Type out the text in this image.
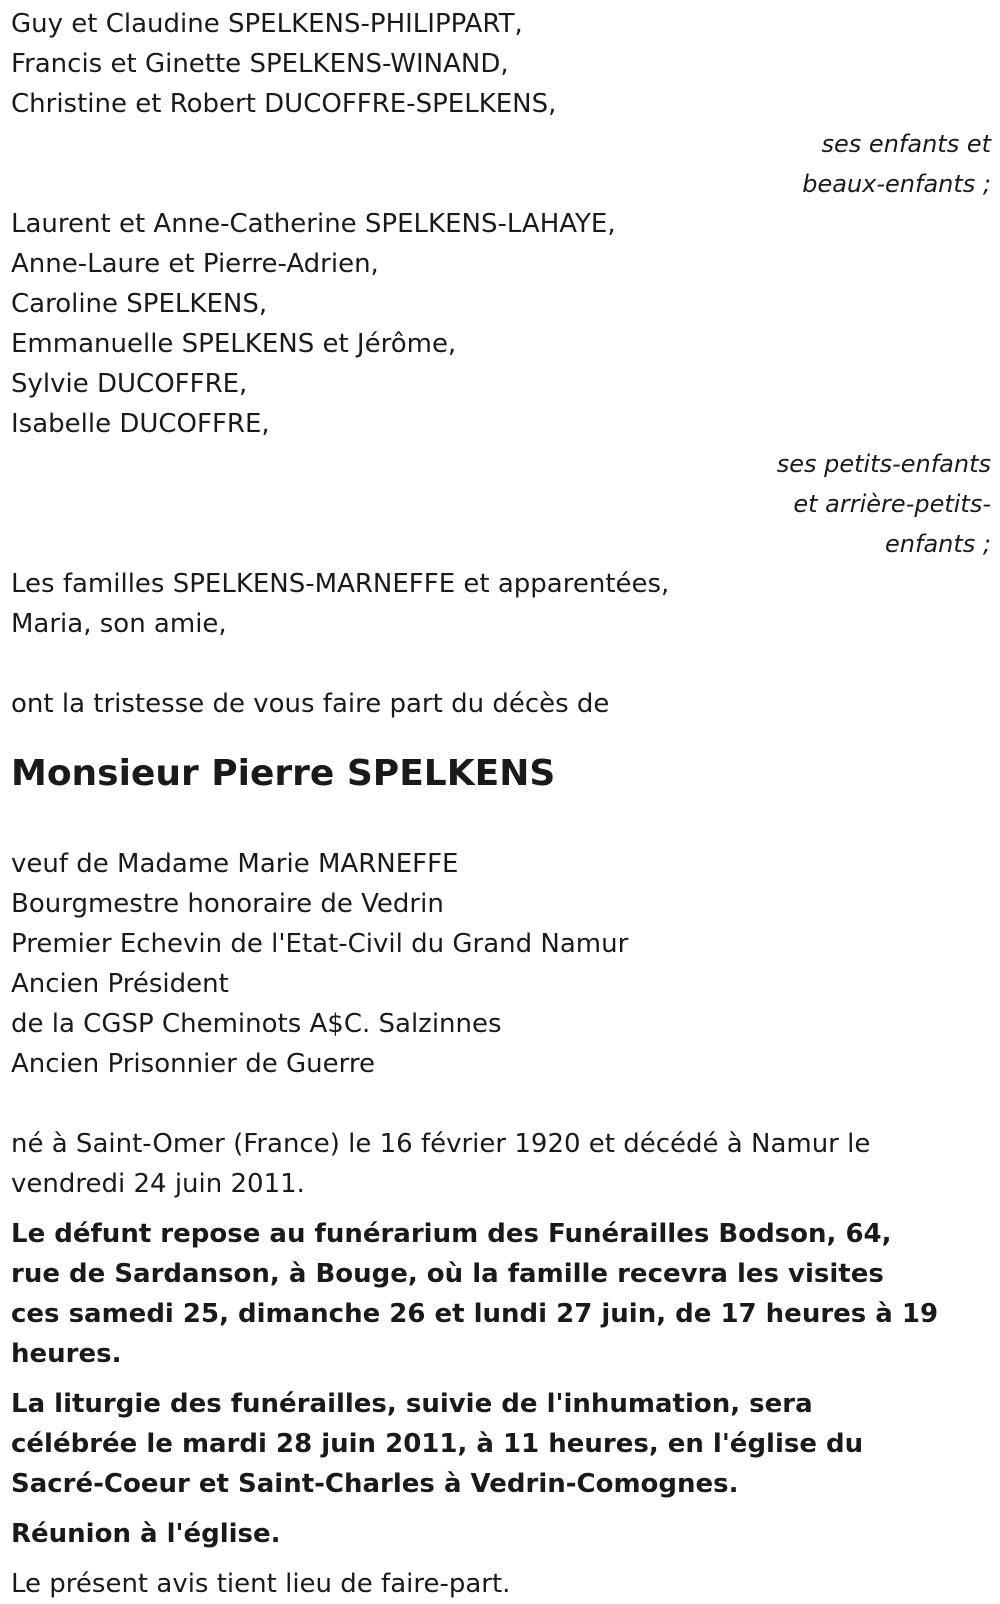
Guy et Claudine SPELKENS-PHILIPPART,
Francis et Ginette SPELKENS-WINAND,
Christine et Robert DUCOFFRE-SPELKENS,
ses enfants et
beaux-enfants ;
Laurent et Anne-Catherine SPELKENS-LAHAYE,
Anne-Laure et Pierre-Adrien,
Caroline SPELKENS,
Emmanuelle SPELKENS et Jérôme,
Sylvie DUCOFFRE,
Isabelle DUCOFFRE,
ses petits-enfants
et arrière-petits-
enfants ;
Les familles SPELKENS-MARNEFFE et apparentées,
Maria, son amie,
ont la tristesse de vous faire part du décès de
Monsieur Pierre SPELKENS
veuf de Madame Marie MARNEFFE
Bourgmestre honoraire de Vedrin
Premier Echevin de l'Etat-Civil du Grand Namur
Ancien Président
de la CGSP Cheminots A$C. Salzinnes
Ancien Prisonnier de Guerre
né à Saint-Omer (France) le 16 février 1920 et décédé à Namur le vendredi 24 juin 2011.
Le défunt repose au funérarium des Funérailles Bodson, 64, rue de Sardanson, à Bouge, où la famille recevra les visites ces samedi 25, dimanche 26 et lundi 27 juin, de 17 heures à 19 heures.
La liturgie des funérailles, suivie de l'inhumation, sera célébrée le mardi 28 juin 2011, à 11 heures, en l'église du Sacré-Coeur et Saint-Charles à Vedrin-Comognes.
Réunion à l'église.
Le présent avis tient lieu de faire-part.
